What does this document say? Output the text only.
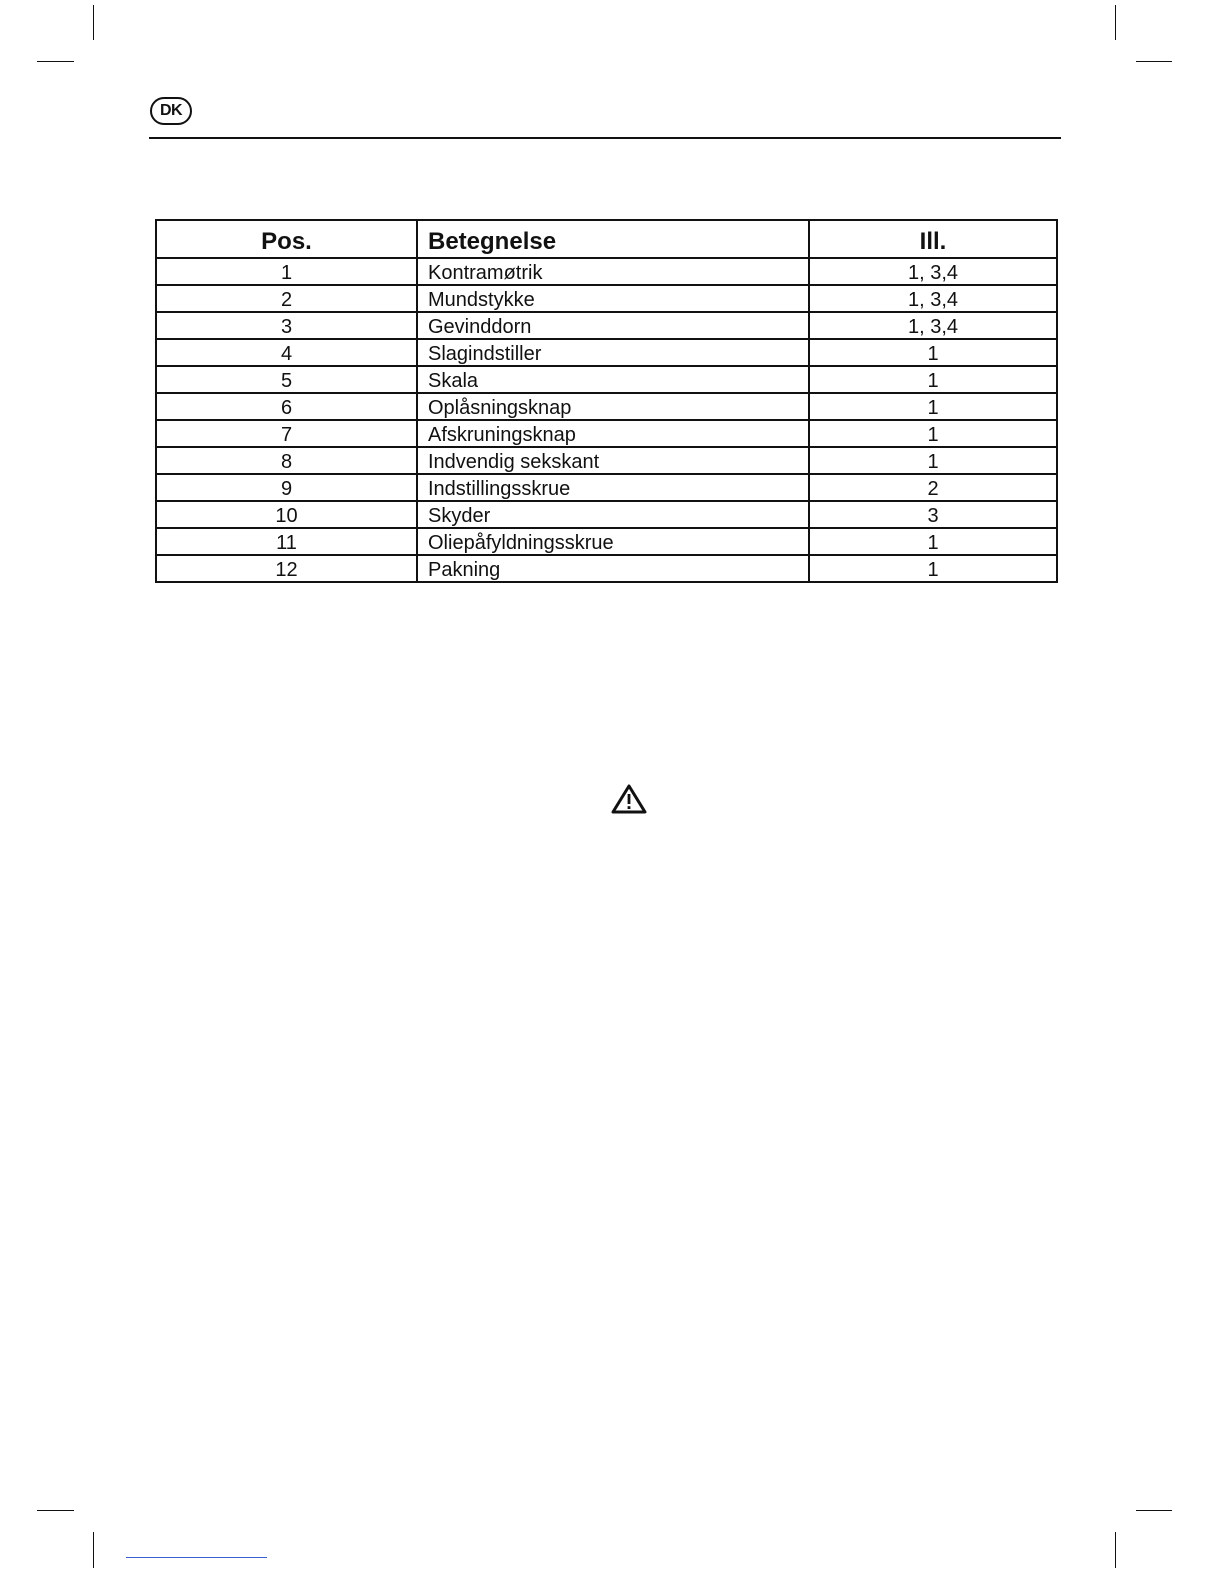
DK
Pos.	Betegnelse	Ill.
1	Kontramøtrik	1, 3,4
2	Mundstykke	1, 3,4
3	Gevinddorn	1, 3,4
4	Slagindstiller	1
5	Skala	1
6	Oplåsningsknap	1
7	Afskruningsknap	1
8	Indvendig sekskant	1
9	Indstillingsskrue	2
10	Skyder	3
11	Oliepåfyldningsskrue	1
12	Pakning	1
